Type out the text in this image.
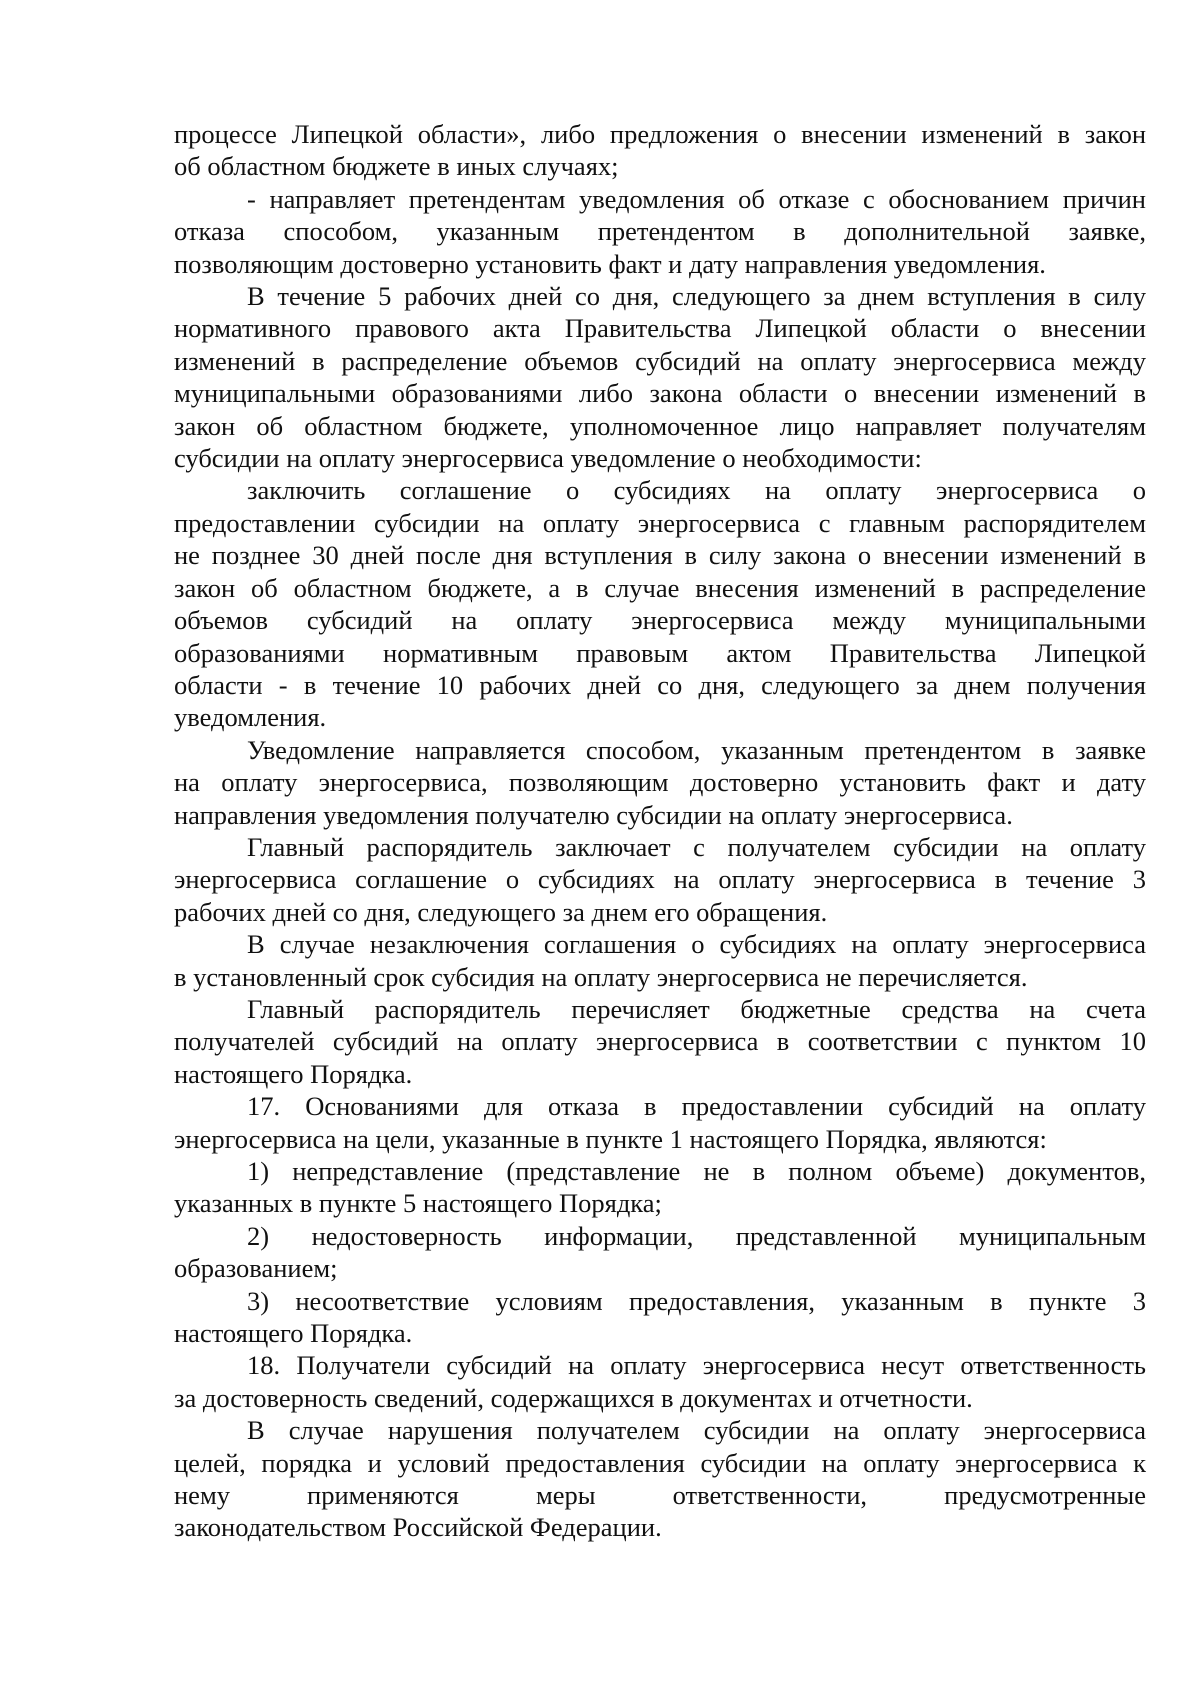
процессе Липецкой области», либо предложения о внесении изменений в закон
об областном бюджете в иных случаях;
- направляет претендентам уведомления об отказе с обоснованием причин
отказа способом, указанным претендентом в дополнительной заявке,
позволяющим достоверно установить факт и дату направления уведомления.
В течение 5 рабочих дней со дня, следующего за днем вступления в силу
нормативного правового акта Правительства Липецкой области о внесении
изменений в распределение объемов субсидий на оплату энергосервиса между
муниципальными образованиями либо закона области о внесении изменений в
закон об областном бюджете, уполномоченное лицо направляет получателям
субсидии на оплату энергосервиса уведомление о необходимости:
заключить соглашение о субсидиях на оплату энергосервиса о
предоставлении субсидии на оплату энергосервиса с главным распорядителем
не позднее 30 дней после дня вступления в силу закона о внесении изменений в
закон об областном бюджете, а в случае внесения изменений в распределение
объемов субсидий на оплату энергосервиса между муниципальными
образованиями нормативным правовым актом Правительства Липецкой
области - в течение 10 рабочих дней со дня, следующего за днем получения
уведомления.
Уведомление направляется способом, указанным претендентом в заявке
на оплату энергосервиса, позволяющим достоверно установить факт и дату
направления уведомления получателю субсидии на оплату энергосервиса.
Главный распорядитель заключает с получателем субсидии на оплату
энергосервиса соглашение о субсидиях на оплату энергосервиса в течение 3
рабочих дней со дня, следующего за днем его обращения.
В случае незаключения соглашения о субсидиях на оплату энергосервиса
в установленный срок субсидия на оплату энергосервиса не перечисляется.
Главный распорядитель перечисляет бюджетные средства на счета
получателей субсидий на оплату энергосервиса в соответствии с пунктом 10
настоящего Порядка.
17. Основаниями для отказа в предоставлении субсидий на оплату
энергосервиса на цели, указанные в пункте 1 настоящего Порядка, являются:
1) непредставление (представление не в полном объеме) документов,
указанных в пункте 5 настоящего Порядка;
2) недостоверность информации, представленной муниципальным
образованием;
3) несоответствие условиям предоставления, указанным в пункте 3
настоящего Порядка.
18. Получатели субсидий на оплату энергосервиса несут ответственность
за достоверность сведений, содержащихся в документах и отчетности.
В случае нарушения получателем субсидии на оплату энергосервиса
целей, порядка и условий предоставления субсидии на оплату энергосервиса к
нему применяются меры ответственности, предусмотренные
законодательством Российской Федерации.
